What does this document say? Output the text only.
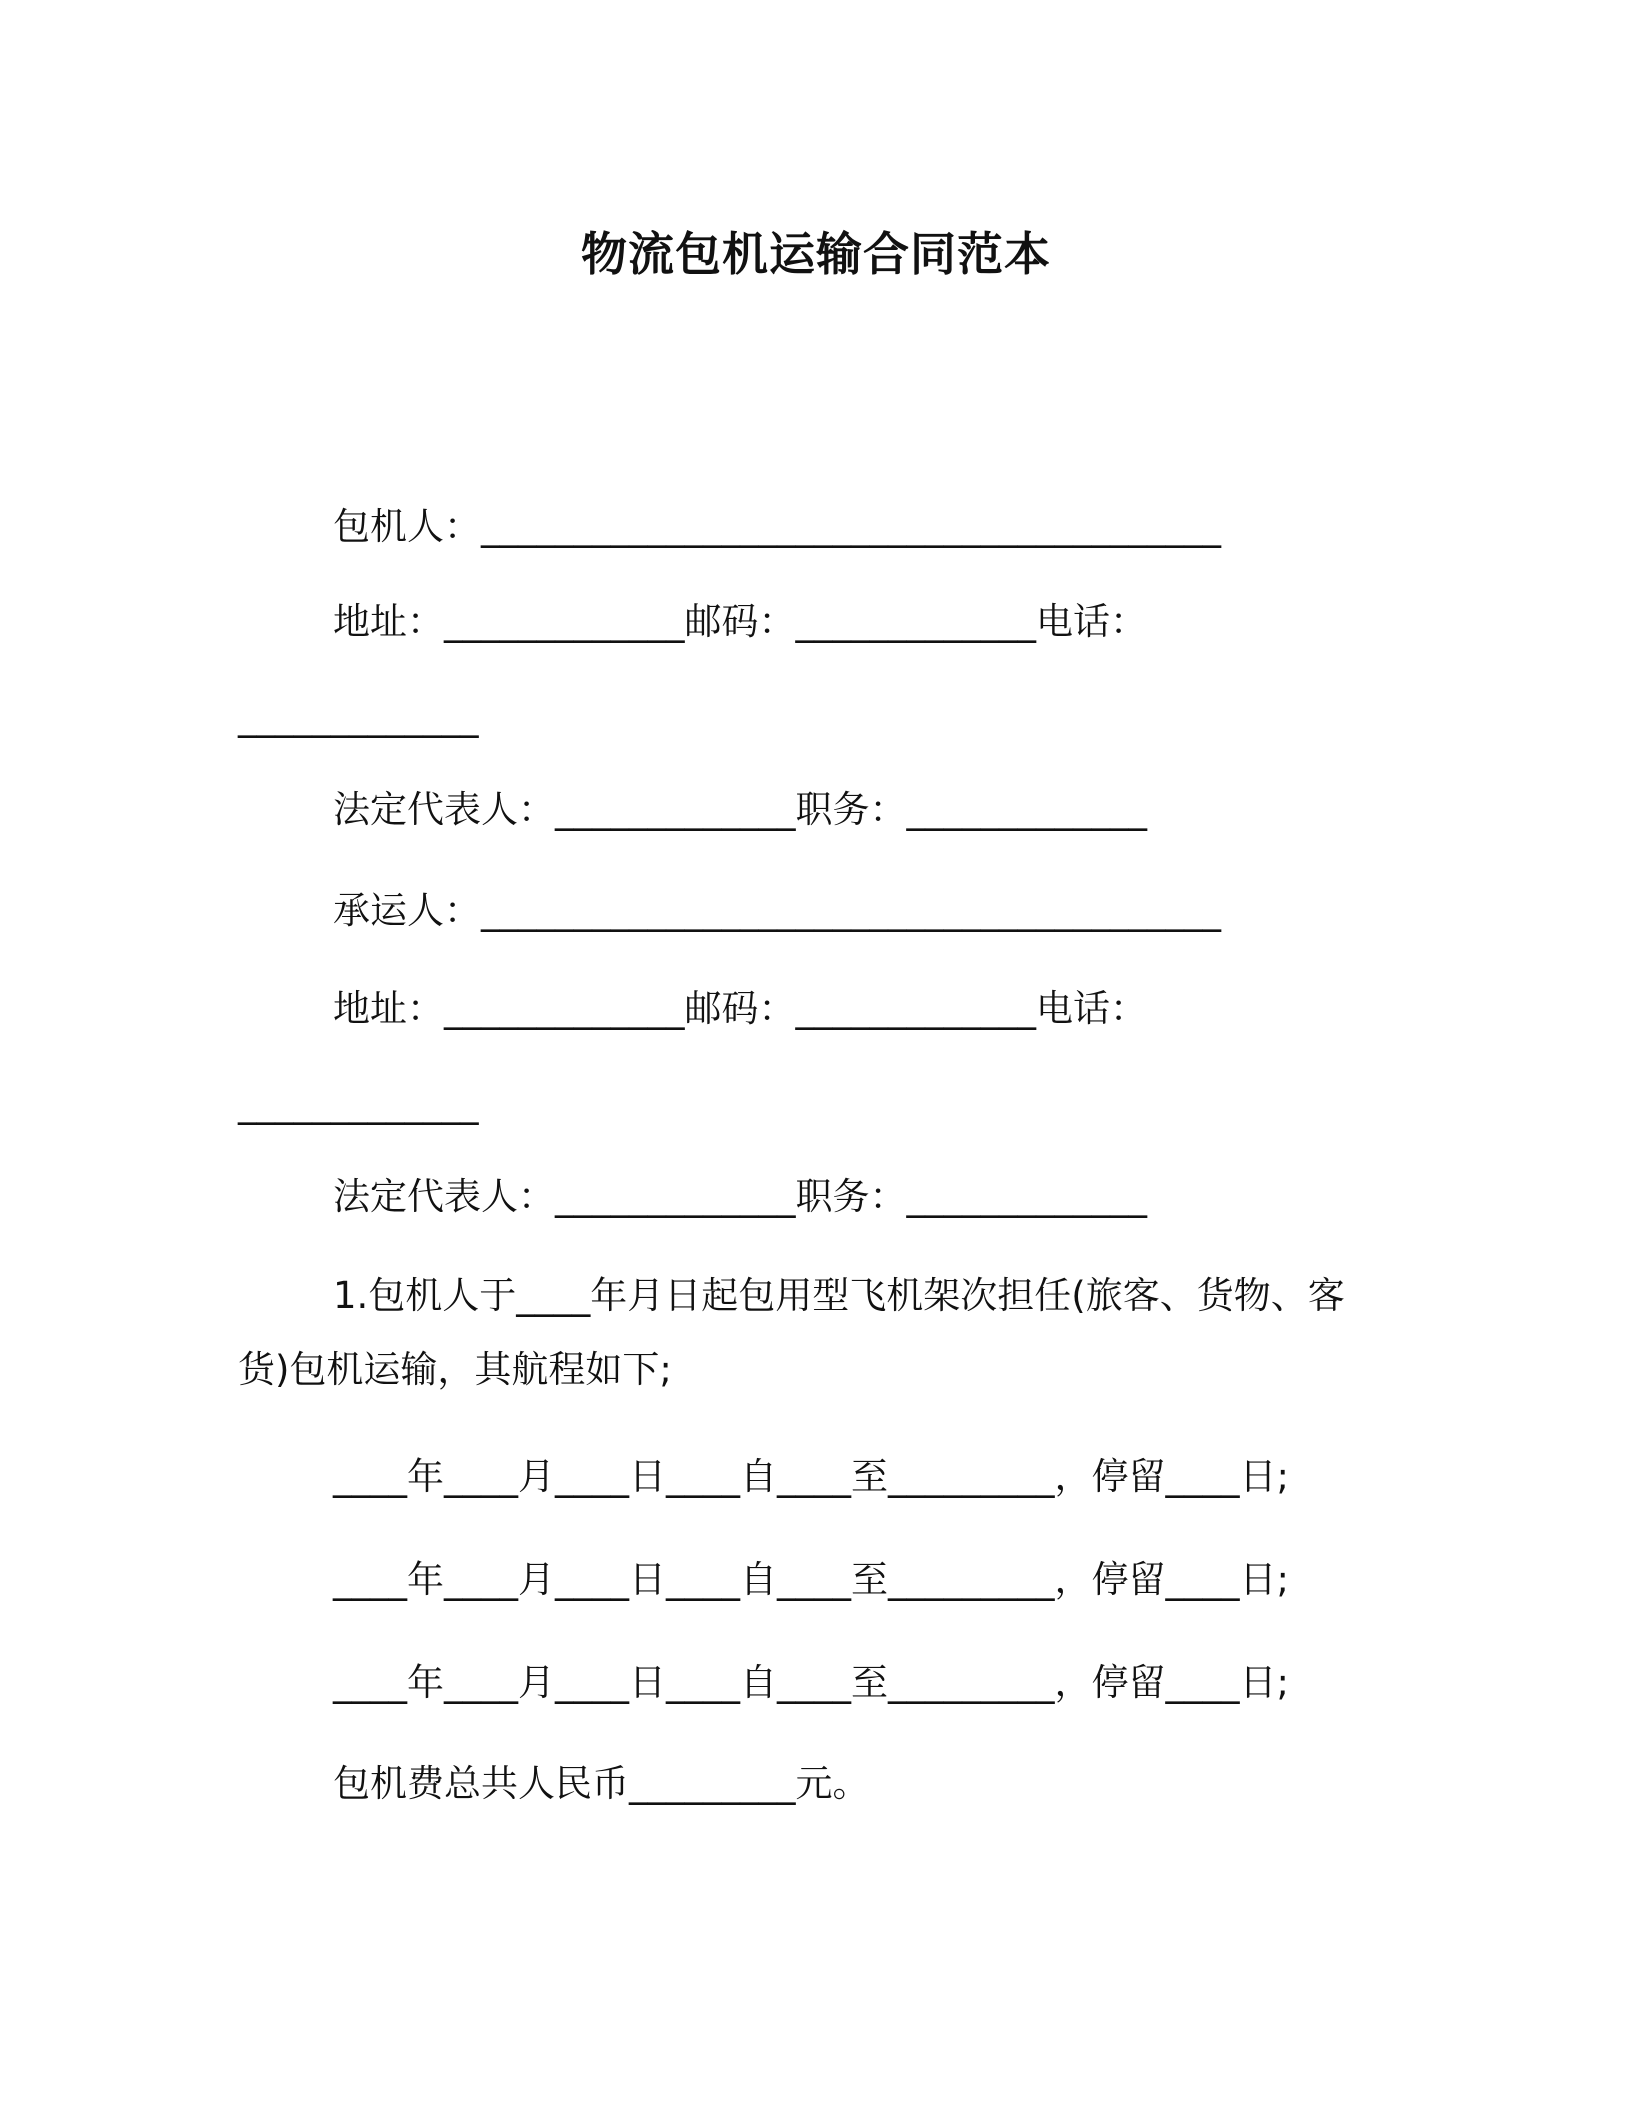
物流包机运输合同范本
包机人：________________________________________
地址：_____________邮码：_____________电话：
_____________
法定代表人：_____________职务：_____________
承运人：________________________________________
地址：_____________邮码：_____________电话：
_____________
法定代表人：_____________职务：_____________
1.包机人于____年月日起包用型飞机架次担任(旅客、货物、客
货)包机运输，其航程如下;
____年____月____日____自____至_________，停留____日;
____年____月____日____自____至_________，停留____日;
____年____月____日____自____至_________，停留____日;
包机费总共人民币_________元。
